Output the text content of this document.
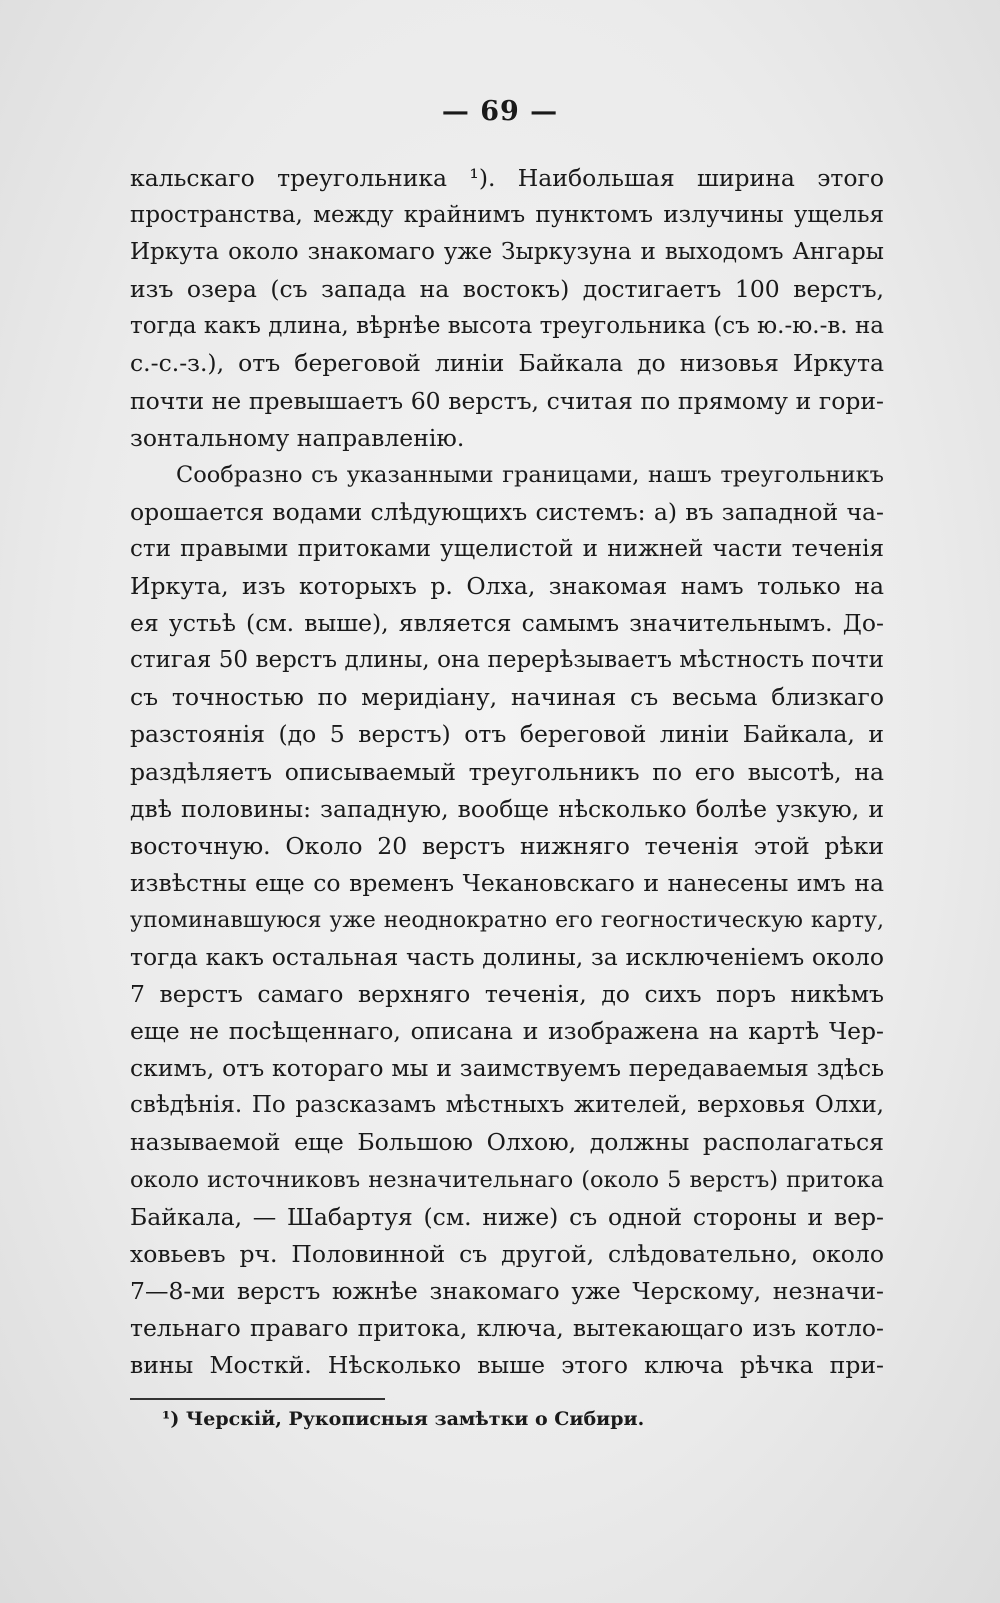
— 69 —
кальскаго треугольника ¹). Наибольшая ширина этого
пространства, между крайнимъ пунктомъ излучины ущелья
Иркута около знакомаго уже Зыркузуна и выходомъ Ангары
изъ озера (съ запада на востокъ) достигаетъ 100 верстъ,
тогда какъ длина, вѣрнѣе высота треугольника (съ ю.-ю.-в. на
с.-с.-з.), отъ береговой линіи Байкала до низовья Иркута
почти не превышаетъ 60 верстъ, считая по прямому и гори-
зонтальному направленію.
Сообразно съ указанными границами, нашъ треугольникъ
орошается водами слѣдующихъ системъ: а) въ западной ча-
сти правыми притоками ущелистой и нижней части теченія
Иркута, изъ которыхъ р. Олха, знакомая намъ только на
ея устьѣ (см. выше), является самымъ значительнымъ. До-
стигая 50 верстъ длины, она перерѣзываетъ мѣстность почти
съ точностью по меридіану, начиная съ весьма близкаго
разстоянія (до 5 верстъ) отъ береговой линіи Байкала, и
раздѣляетъ описываемый треугольникъ по его высотѣ, на
двѣ половины: западную, вообще нѣсколько болѣе узкую, и
восточную. Около 20 верстъ нижняго теченія этой рѣки
извѣстны еще со временъ Чекановскаго и нанесены имъ на
упоминавшуюся уже неоднократно его геогностическую карту,
тогда какъ остальная часть долины, за исключеніемъ около
7 верстъ самаго верхняго теченія, до сихъ поръ никѣмъ
еще не посѣщеннаго, описана и изображена на картѣ Чер-
скимъ, отъ котораго мы и заимствуемъ передаваемыя здѣсь
свѣдѣнія. По разсказамъ мѣстныхъ жителей, верховья Олхи,
называемой еще Большою Олхою, должны располагаться
около источниковъ незначительнаго (около 5 верстъ) притока
Байкала, — Шабартуя (см. ниже) съ одной стороны и вер-
ховьевъ рч. Половинной съ другой, слѣдовательно, около
7—8-ми верстъ южнѣе знакомаго уже Черскому, незначи-
тельнаго праваго притока, ключа, вытекающаго изъ котло-
вины Мосткй. Нѣсколько выше этого ключа рѣчка при-
¹) Черскій, Рукописныя замѣтки о Сибири.
